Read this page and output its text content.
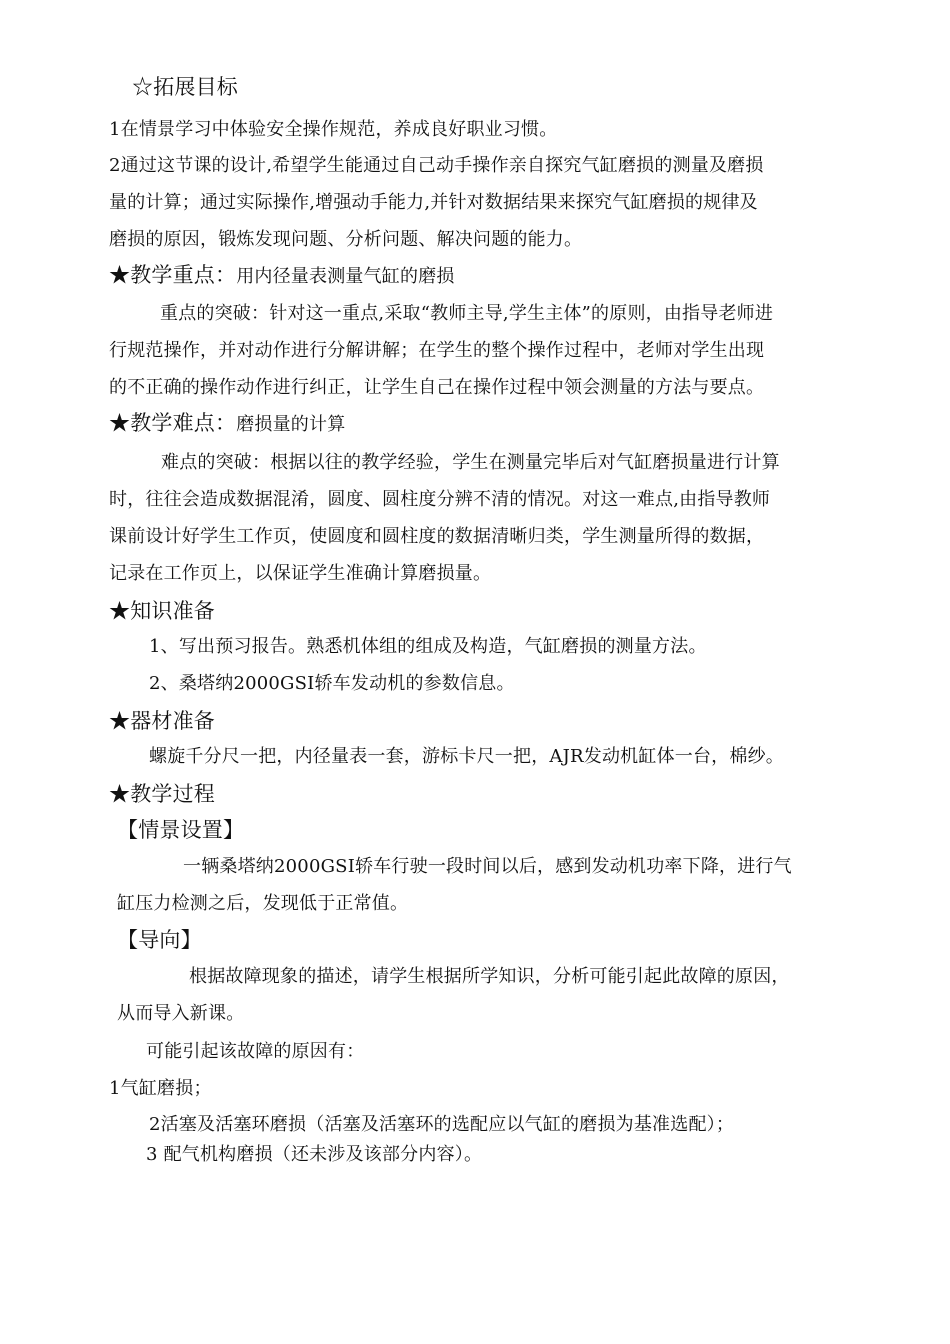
☆拓展目标
1在情景学习中体验安全操作规范，养成良好职业习惯。
2通过这节课的设计,希望学生能通过自己动手操作亲自探究气缸磨损的测量及磨损
量的计算；通过实际操作,增强动手能力,并针对数据结果来探究气缸磨损的规律及
磨损的原因，锻炼发现问题、分析问题、解决问题的能力。
★教学重点：用内径量表测量气缸的磨损
重点的突破：针对这一重点,采取“教师主导,学生主体”的原则，由指导老师进
行规范操作，并对动作进行分解讲解；在学生的整个操作过程中，老师对学生出现
的不正确的操作动作进行纠正，让学生自己在操作过程中领会测量的方法与要点。
★教学难点：磨损量的计算
难点的突破：根据以往的教学经验，学生在测量完毕后对气缸磨损量进行计算
时，往往会造成数据混淆，圆度、圆柱度分辨不清的情况。对这一难点,由指导教师
课前设计好学生工作页，使圆度和圆柱度的数据清晰归类，学生测量所得的数据，
记录在工作页上，以保证学生准确计算磨损量。
★知识准备
1、写出预习报告。熟悉机体组的组成及构造，气缸磨损的测量方法。
2、桑塔纳2000GSI轿车发动机的参数信息。
★器材准备
螺旋千分尺一把，内径量表一套，游标卡尺一把，AJR发动机缸体一台，棉纱。
★教学过程
【情景设置】
一辆桑塔纳2000GSI轿车行驶一段时间以后，感到发动机功率下降，进行气
缸压力检测之后，发现低于正常值。
【导向】
根据故障现象的描述，请学生根据所学知识，分析可能引起此故障的原因，
从而导入新课。
可能引起该故障的原因有：
1气缸磨损；
2活塞及活塞环磨损（活塞及活塞环的选配应以气缸的磨损为基准选配）；
3 配气机构磨损（还未涉及该部分内容）。
